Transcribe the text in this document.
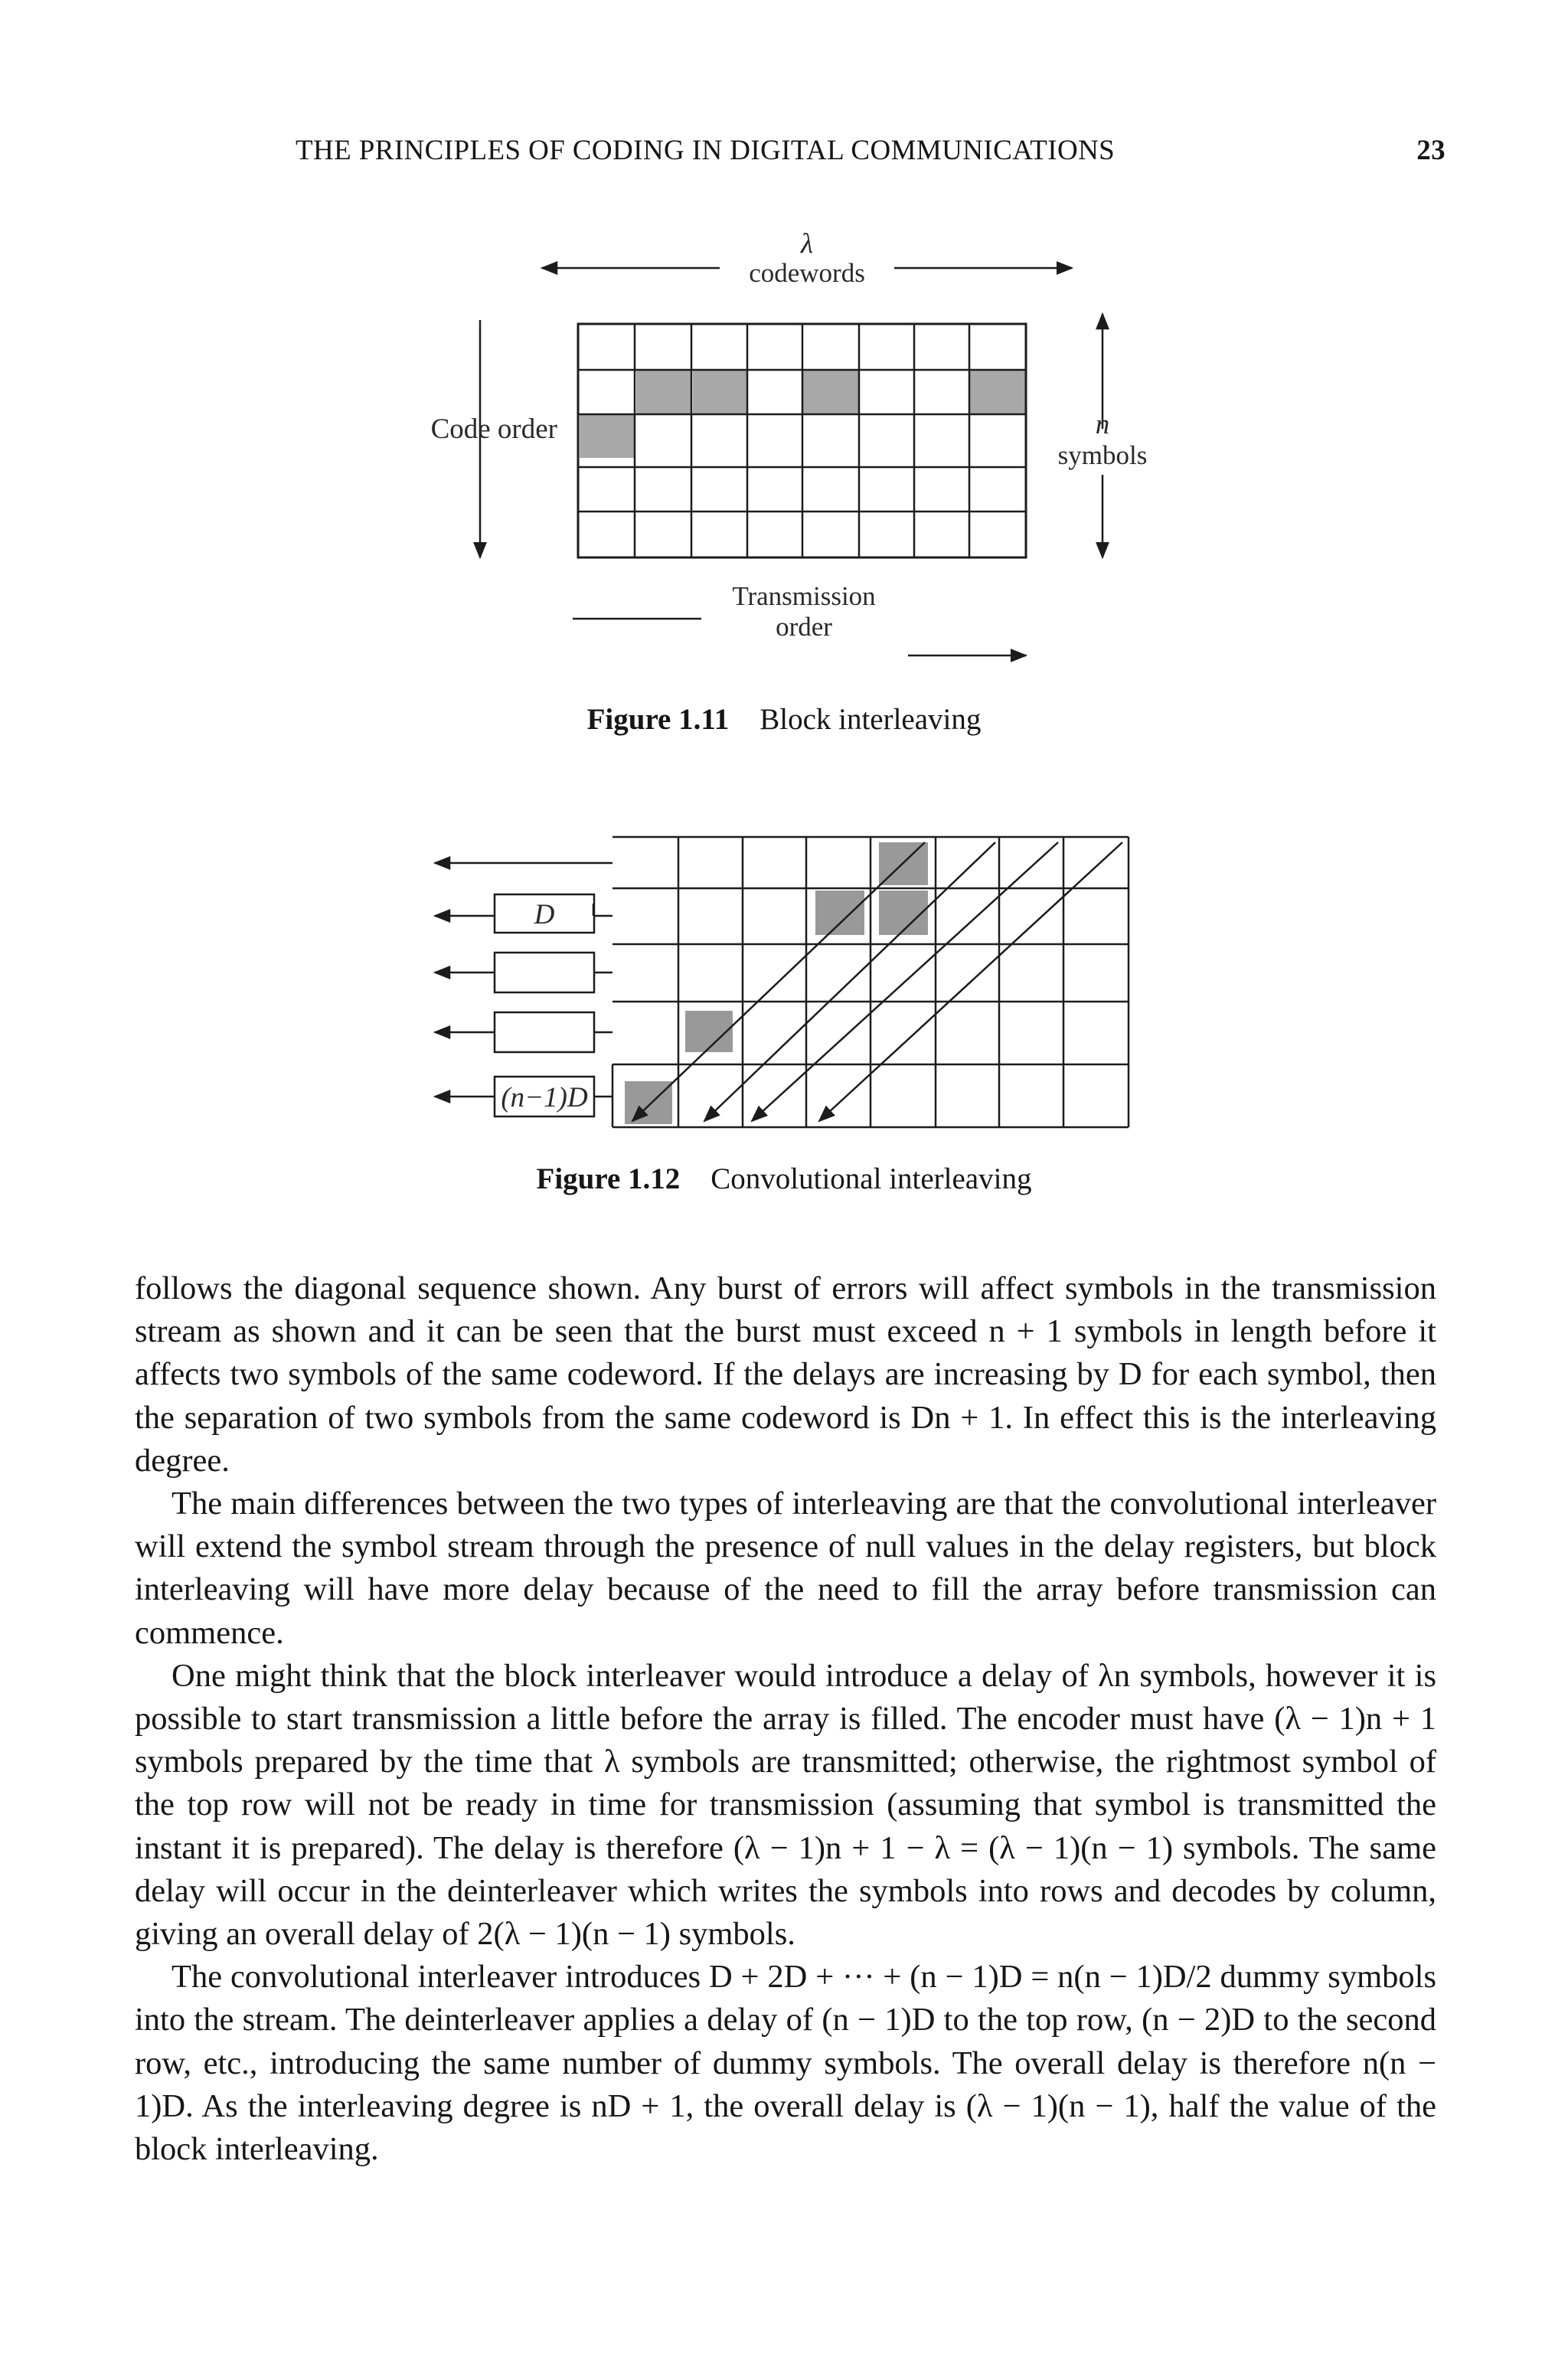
THE PRINCIPLES OF CODING IN DIGITAL COMMUNICATIONS	23
λ
codewords
Code order	n
symbols
Transmission
order
Figure 1.11 Block interleaving
D
(n−1)D
Figure 1.12 Convolutional interleaving

follows the diagonal sequence shown. Any burst of errors will affect symbols in the transmission stream as shown and it can be seen that the burst must exceed n + 1 symbols in length before it affects two symbols of the same codeword. If the delays are increasing by D for each symbol, then the separation of two symbols from the same codeword is Dn + 1. In effect this is the interleaving degree.

The main differences between the two types of interleaving are that the convolutional interleaver will extend the symbol stream through the presence of null values in the delay registers, but block interleaving will have more delay because of the need to fill the array before transmission can commence.

One might think that the block interleaver would introduce a delay of λn symbols, however it is possible to start transmission a little before the array is filled. The encoder must have (λ − 1)n + 1 symbols prepared by the time that λ symbols are transmitted; otherwise, the rightmost symbol of the top row will not be ready in time for transmission (assuming that symbol is transmitted the instant it is prepared). The delay is therefore (λ − 1)n + 1 − λ = (λ − 1)(n − 1) symbols. The same delay will occur in the deinterleaver which writes the symbols into rows and decodes by column, giving an overall delay of 2(λ − 1)(n − 1) symbols.

The convolutional interleaver introduces D + 2D + ··· + (n − 1)D = n(n − 1)D/2 dummy symbols into the stream. The deinterleaver applies a delay of (n − 1)D to the top row, (n − 2)D to the second row, etc., introducing the same number of dummy symbols. The overall delay is therefore n(n − 1)D. As the interleaving degree is nD + 1, the overall delay is (λ − 1)(n − 1), half the value of the block interleaving.
